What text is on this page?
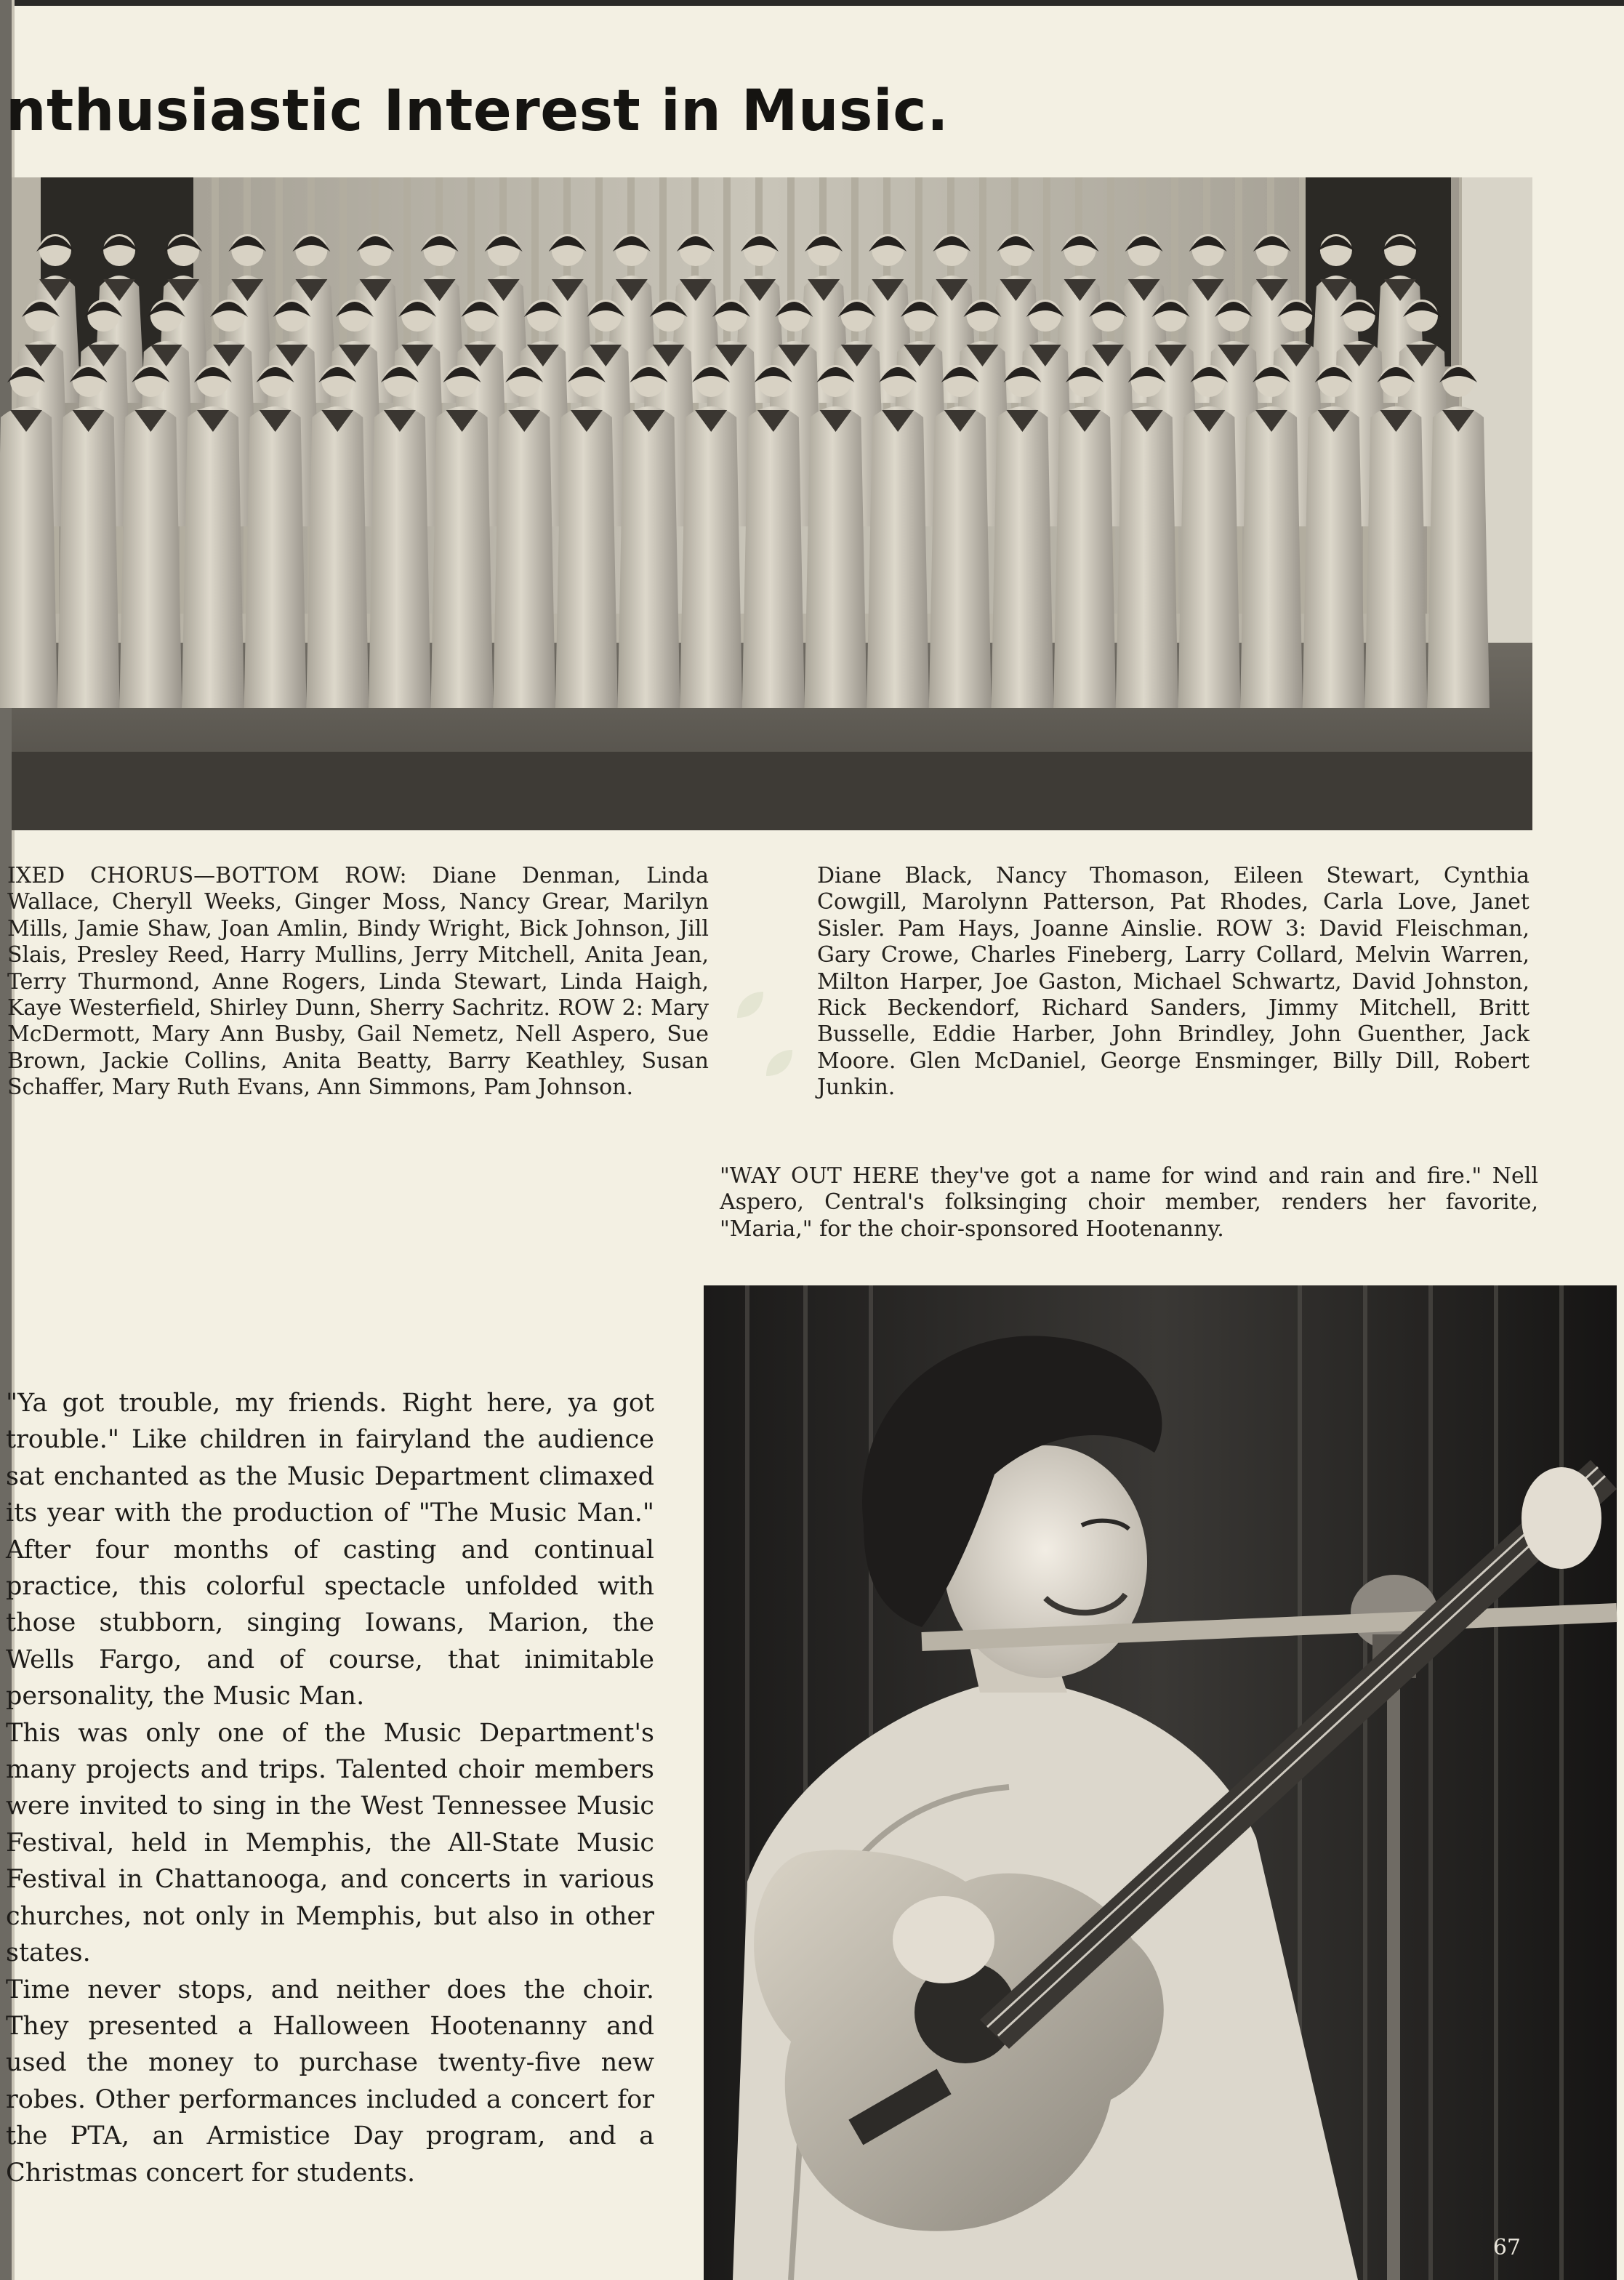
nthusiastic Interest in Music.

IXED CHORUS—BOTTOM ROW: Diane Denman, Linda Wallace, Cheryll Weeks, Ginger Moss, Nancy Grear, Marilyn Mills, Jamie Shaw, Joan Amlin, Bindy Wright, Bick Johnson, Jill Slais, Presley Reed, Harry Mullins, Jerry Mitchell, Anita Jean, Terry Thurmond, Anne Rogers, Linda Stewart, Linda Haigh, Kaye Westerfield, Shirley Dunn, Sherry Sachritz. ROW 2: Mary McDermott, Mary Ann Busby, Gail Nemetz, Nell Aspero, Sue Brown, Jackie Collins, Anita Beatty, Barry Keathley, Susan Schaffer, Mary Ruth Evans, Ann Simmons, Pam Johnson.

Diane Black, Nancy Thomason, Eileen Stewart, Cynthia Cowgill, Marolynn Patterson, Pat Rhodes, Carla Love, Janet Sisler. Pam Hays, Joanne Ainslie. ROW 3: David Fleischman, Gary Crowe, Charles Fineberg, Larry Collard, Melvin Warren, Milton Harper, Joe Gaston, Michael Schwartz, David Johnston, Rick Beckendorf, Richard Sanders, Jimmy Mitchell, Britt Busselle, Eddie Harber, John Brindley, John Guenther, Jack Moore. Glen McDaniel, George Ensminger, Billy Dill, Robert Junkin.

"WAY OUT HERE they've got a name for wind and rain and fire." Nell Aspero, Central's folksinging choir member, renders her favorite, "Maria," for the choir-sponsored Hootenanny.

"Ya got trouble, my friends. Right here, ya got trouble." Like children in fairyland the audience sat enchanted as the Music Department climaxed its year with the production of "The Music Man." After four months of casting and continual practice, this colorful spectacle unfolded with those stubborn, singing Iowans, Marion, the Wells Fargo, and of course, that inimitable personality, the Music Man.

This was only one of the Music Department's many projects and trips. Talented choir members were invited to sing in the West Tennessee Music Festival, held in Memphis, the All-State Music Festival in Chattanooga, and concerts in various churches, not only in Memphis, but also in other states.

Time never stops, and neither does the choir. They presented a Halloween Hootenanny and used the money to purchase twenty-five new robes. Other performances included a concert for the PTA, an Armistice Day program, and a Christmas concert for students.

67
